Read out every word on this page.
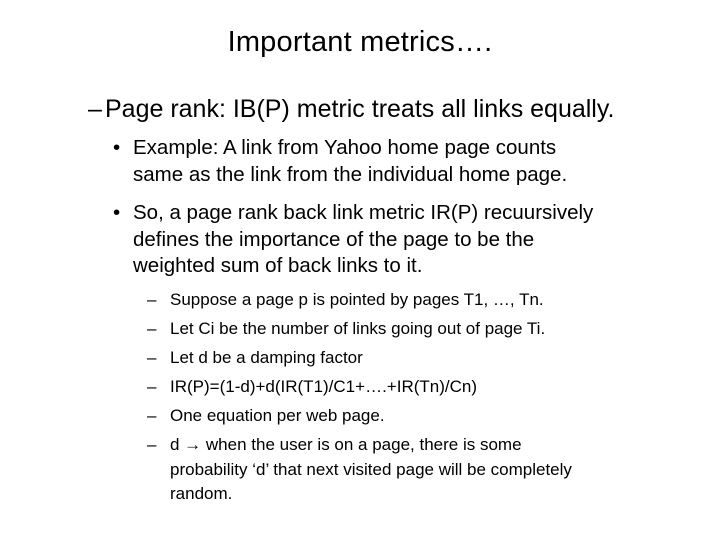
Important metrics….
– Page rank: IB(P) metric treats all links equally.
• Example: A link from Yahoo home page counts
same as the link from the individual home page.
• So, a page rank back link metric IR(P) recuursively
defines the importance of the page to be the
weighted sum of back links to it.
– Suppose a page p is pointed by pages T1, …, Tn.
– Let Ci be the number of links going out of page Ti.
– Let d be a damping factor
– IR(P)=(1-d)+d(IR(T1)/C1+….+IR(Tn)/Cn)
– One equation per web page.
– d → when the user is on a page, there is some
probability ‘d’ that next visited page will be completely
random.
